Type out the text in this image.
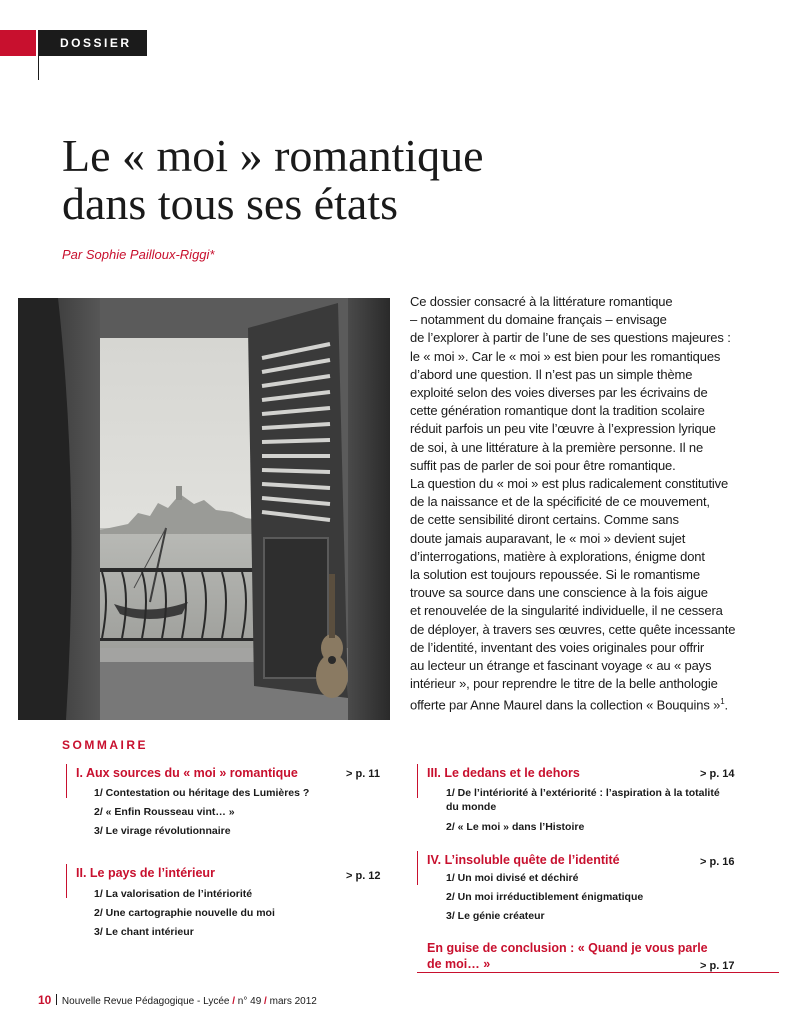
DOSSIER
Le « moi » romantique
dans tous ses états
Par Sophie Pailloux-Riggi*
Ce dossier consacré à la littérature romantique
– notamment du domaine français – envisage
de l’explorer à partir de l’une de ses questions majeures :
le « moi ». Car le « moi » est bien pour les romantiques
d’abord une question. Il n’est pas un simple thème
exploité selon des voies diverses par les écrivains de
cette génération romantique dont la tradition scolaire
réduit parfois un peu vite l’œuvre à l’expression lyrique
de soi, à une littérature à la première personne. Il ne
suffit pas de parler de soi pour être romantique.
La question du « moi » est plus radicalement constitutive
de la naissance et de la spécificité de ce mouvement,
de cette sensibilité diront certains. Comme sans
doute jamais auparavant, le « moi » devient sujet
d’interrogations, matière à explorations, énigme dont
la solution est toujours repoussée. Si le romantisme
trouve sa source dans une conscience à la fois aigue
et renouvelée de la singularité individuelle, il ne cessera
de déployer, à travers ses œuvres, cette quête incessante
de l’identité, inventant des voies originales pour offrir
au lecteur un étrange et fascinant voyage « au « pays
intérieur », pour reprendre le titre de la belle anthologie
offerte par Anne Maurel dans la collection « Bouquins »$^1$.
SOMMAIRE
I. Aux sources du « moi » romantique	> p. 11
1/ Contestation ou héritage des Lumières ?
2/ « Enfin Rousseau vint… »
3/ Le virage révolutionnaire
II. Le pays de l’intérieur	> p. 12
1/ La valorisation de l’intériorité
2/ Une cartographie nouvelle du moi
3/ Le chant intérieur
III. Le dedans et le dehors	> p. 14
1/ De l’intériorité à l’extériorité : l’aspiration à la totalité
du monde
2/ « Le moi » dans l’Histoire
IV. L’insoluble quête de l’identité	> p. 16
1/ Un moi divisé et déchiré
2/ Un moi irréductiblement énigmatique
3/ Le génie créateur
En guise de conclusion : « Quand je vous parle
de moi… »	> p. 17
10 Nouvelle Revue Pédagogique - Lycée / n° 49 / mars 2012
